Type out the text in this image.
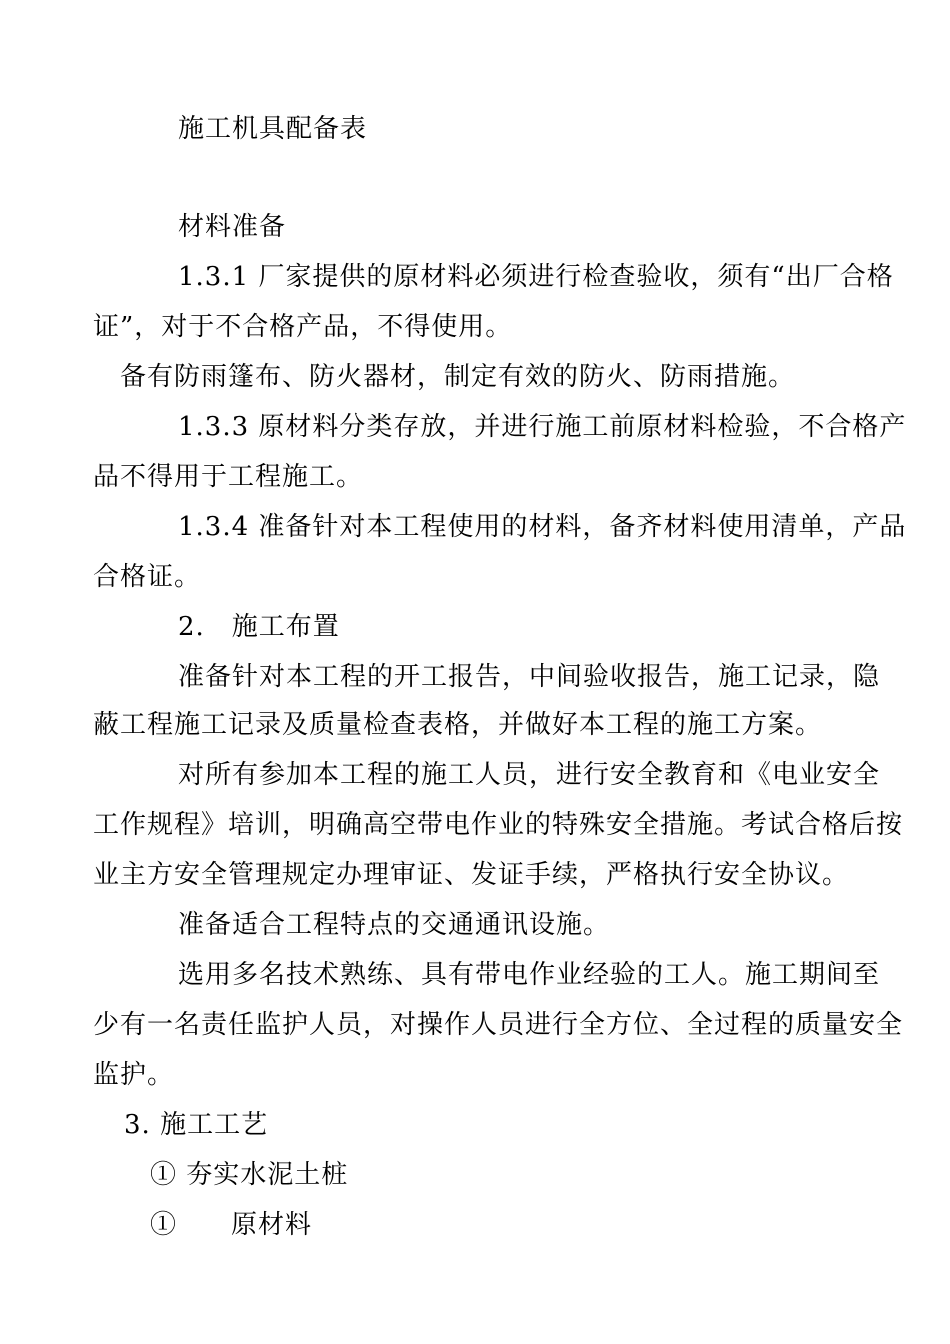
施工机具配备表
材料准备
1.3.1 厂家提供的原材料必须进行检查验收，须有“出厂合格
证”，对于不合格产品，不得使用。
备有防雨篷布、防火器材，制定有效的防火、防雨措施。
1.3.3 原材料分类存放，并进行施工前原材料检验，不合格产
品不得用于工程施工。
1.3.4 准备针对本工程使用的材料，备齐材料使用清单，产品
合格证。
2.　施工布置
准备针对本工程的开工报告，中间验收报告，施工记录，隐
蔽工程施工记录及质量检查表格，并做好本工程的施工方案。
对所有参加本工程的施工人员，进行安全教育和《电业安全
工作规程》培训，明确高空带电作业的特殊安全措施。考试合格后按
业主方安全管理规定办理审证、发证手续，严格执行安全协议。
准备适合工程特点的交通通讯设施。
选用多名技术熟练、具有带电作业经验的工人。施工期间至
少有一名责任监护人员，对操作人员进行全方位、全过程的质量安全
监护。
3. 施工工艺
① 夯实水泥土桩
①　　原材料
